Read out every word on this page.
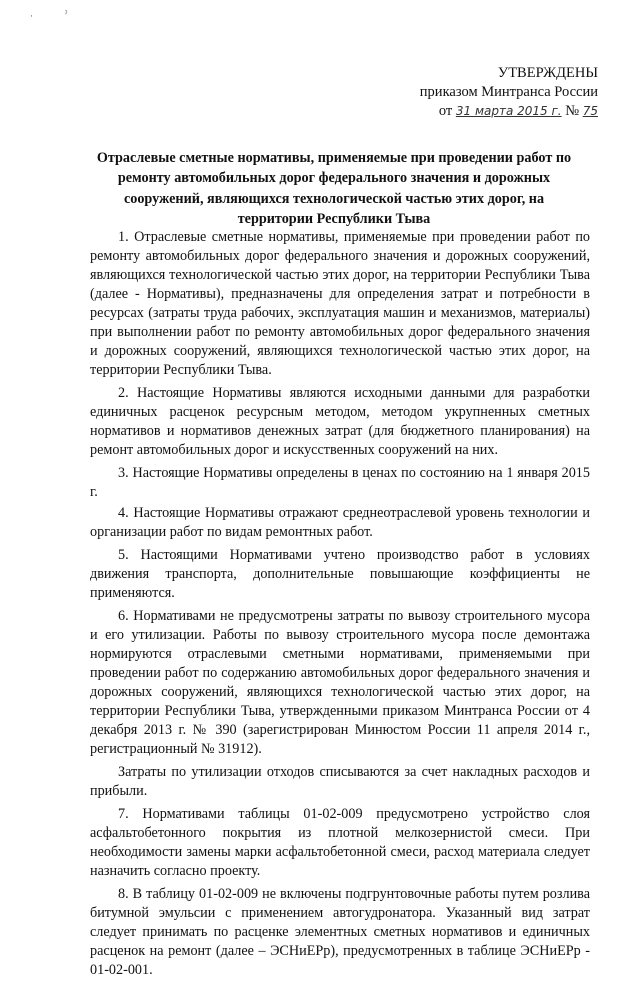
·	ˀ
УТВЕРЖДЕНЫ
приказом Минтранса России
от 31 марта 2015 г. № 75
Отраслевые сметные нормативы, применяемые при проведении работ по ремонту автомобильных дорог федерального значения и дорожных сооружений, являющихся технологической частью этих дорог, на территории Республики Тыва

1. Отраслевые сметные нормативы, применяемые при проведении работ по ремонту автомобильных дорог федерального значения и дорожных сооружений, являющихся технологической частью этих дорог, на территории Республики Тыва (далее - Нормативы), предназначены для определения затрат и потребности в ресурсах (затраты труда рабочих, эксплуатация машин и механизмов, материалы) при выполнении работ по ремонту автомобильных дорог федерального значения и дорожных сооружений, являющихся технологической частью этих дорог, на территории Республики Тыва.

2. Настоящие Нормативы являются исходными данными для разработки единичных расценок ресурсным методом, методом укрупненных сметных нормативов и нормативов денежных затрат (для бюджетного планирования) на ремонт автомобильных дорог и искусственных сооружений на них.

3. Настоящие Нормативы определены в ценах по состоянию на 1 января 2015 г.

4. Настоящие Нормативы отражают среднеотраслевой уровень технологии и организации работ по видам ремонтных работ.

5. Настоящими Нормативами учтено производство работ в условиях движения транспорта, дополнительные повышающие коэффициенты не применяются.

6. Нормативами не предусмотрены затраты по вывозу строительного мусора и его утилизации. Работы по вывозу строительного мусора после демонтажа нормируются отраслевыми сметными нормативами, применяемыми при проведении работ по содержанию автомобильных дорог федерального значения и дорожных сооружений, являющихся технологической частью этих дорог, на территории Республики Тыва, утвержденными приказом Минтранса России от 4 декабря 2013 г. № 390 (зарегистрирован Минюстом России 11 апреля 2014 г., регистрационный № 31912).

Затраты по утилизации отходов списываются за счет накладных расходов и прибыли.

7. Нормативами таблицы 01-02-009 предусмотрено устройство слоя асфальтобетонного покрытия из плотной мелкозернистой смеси. При необходимости замены марки асфальтобетонной смеси, расход материала следует назначить согласно проекту.

8. В таблицу 01-02-009 не включены подгрунтовочные работы путем розлива битумной эмульсии с применением автогудронатора. Указанный вид затрат следует принимать по расценке элементных сметных нормативов и единичных расценок на ремонт (далее – ЭСНиЕРр), предусмотренных в таблице ЭСНиЕРр - 01-02-001.
